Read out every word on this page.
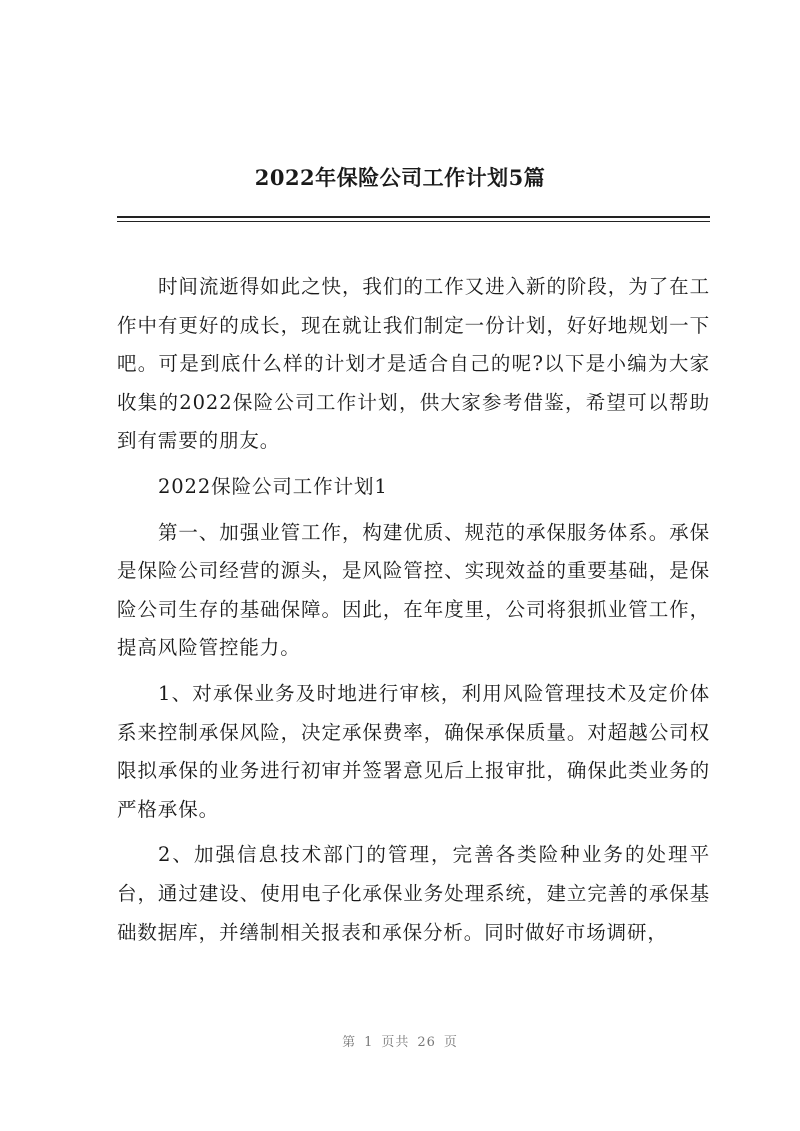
2022年保险公司工作计划5篇

时间流逝得如此之快，我们的工作又进入新的阶段，为了在工作中有更好的成长，现在就让我们制定一份计划，好好地规划一下吧。可是到底什么样的计划才是适合自己的呢?以下是小编为大家收集的2022保险公司工作计划，供大家参考借鉴，希望可以帮助到有需要的朋友。

2022保险公司工作计划1

第一、加强业管工作，构建优质、规范的承保服务体系。承保是保险公司经营的源头，是风险管控、实现效益的重要基础，是保险公司生存的基础保障。因此，在年度里，公司将狠抓业管工作，提高风险管控能力。

1、对承保业务及时地进行审核，利用风险管理技术及定价体系来控制承保风险，决定承保费率，确保承保质量。对超越公司权限拟承保的业务进行初审并签署意见后上报审批，确保此类业务的严格承保。

2、加强信息技术部门的管理，完善各类险种业务的处理平台，通过建设、使用电子化承保业务处理系统，建立完善的承保基础数据库，并缮制相关报表和承保分析。同时做好市场调研，

第 1 页共 26 页
